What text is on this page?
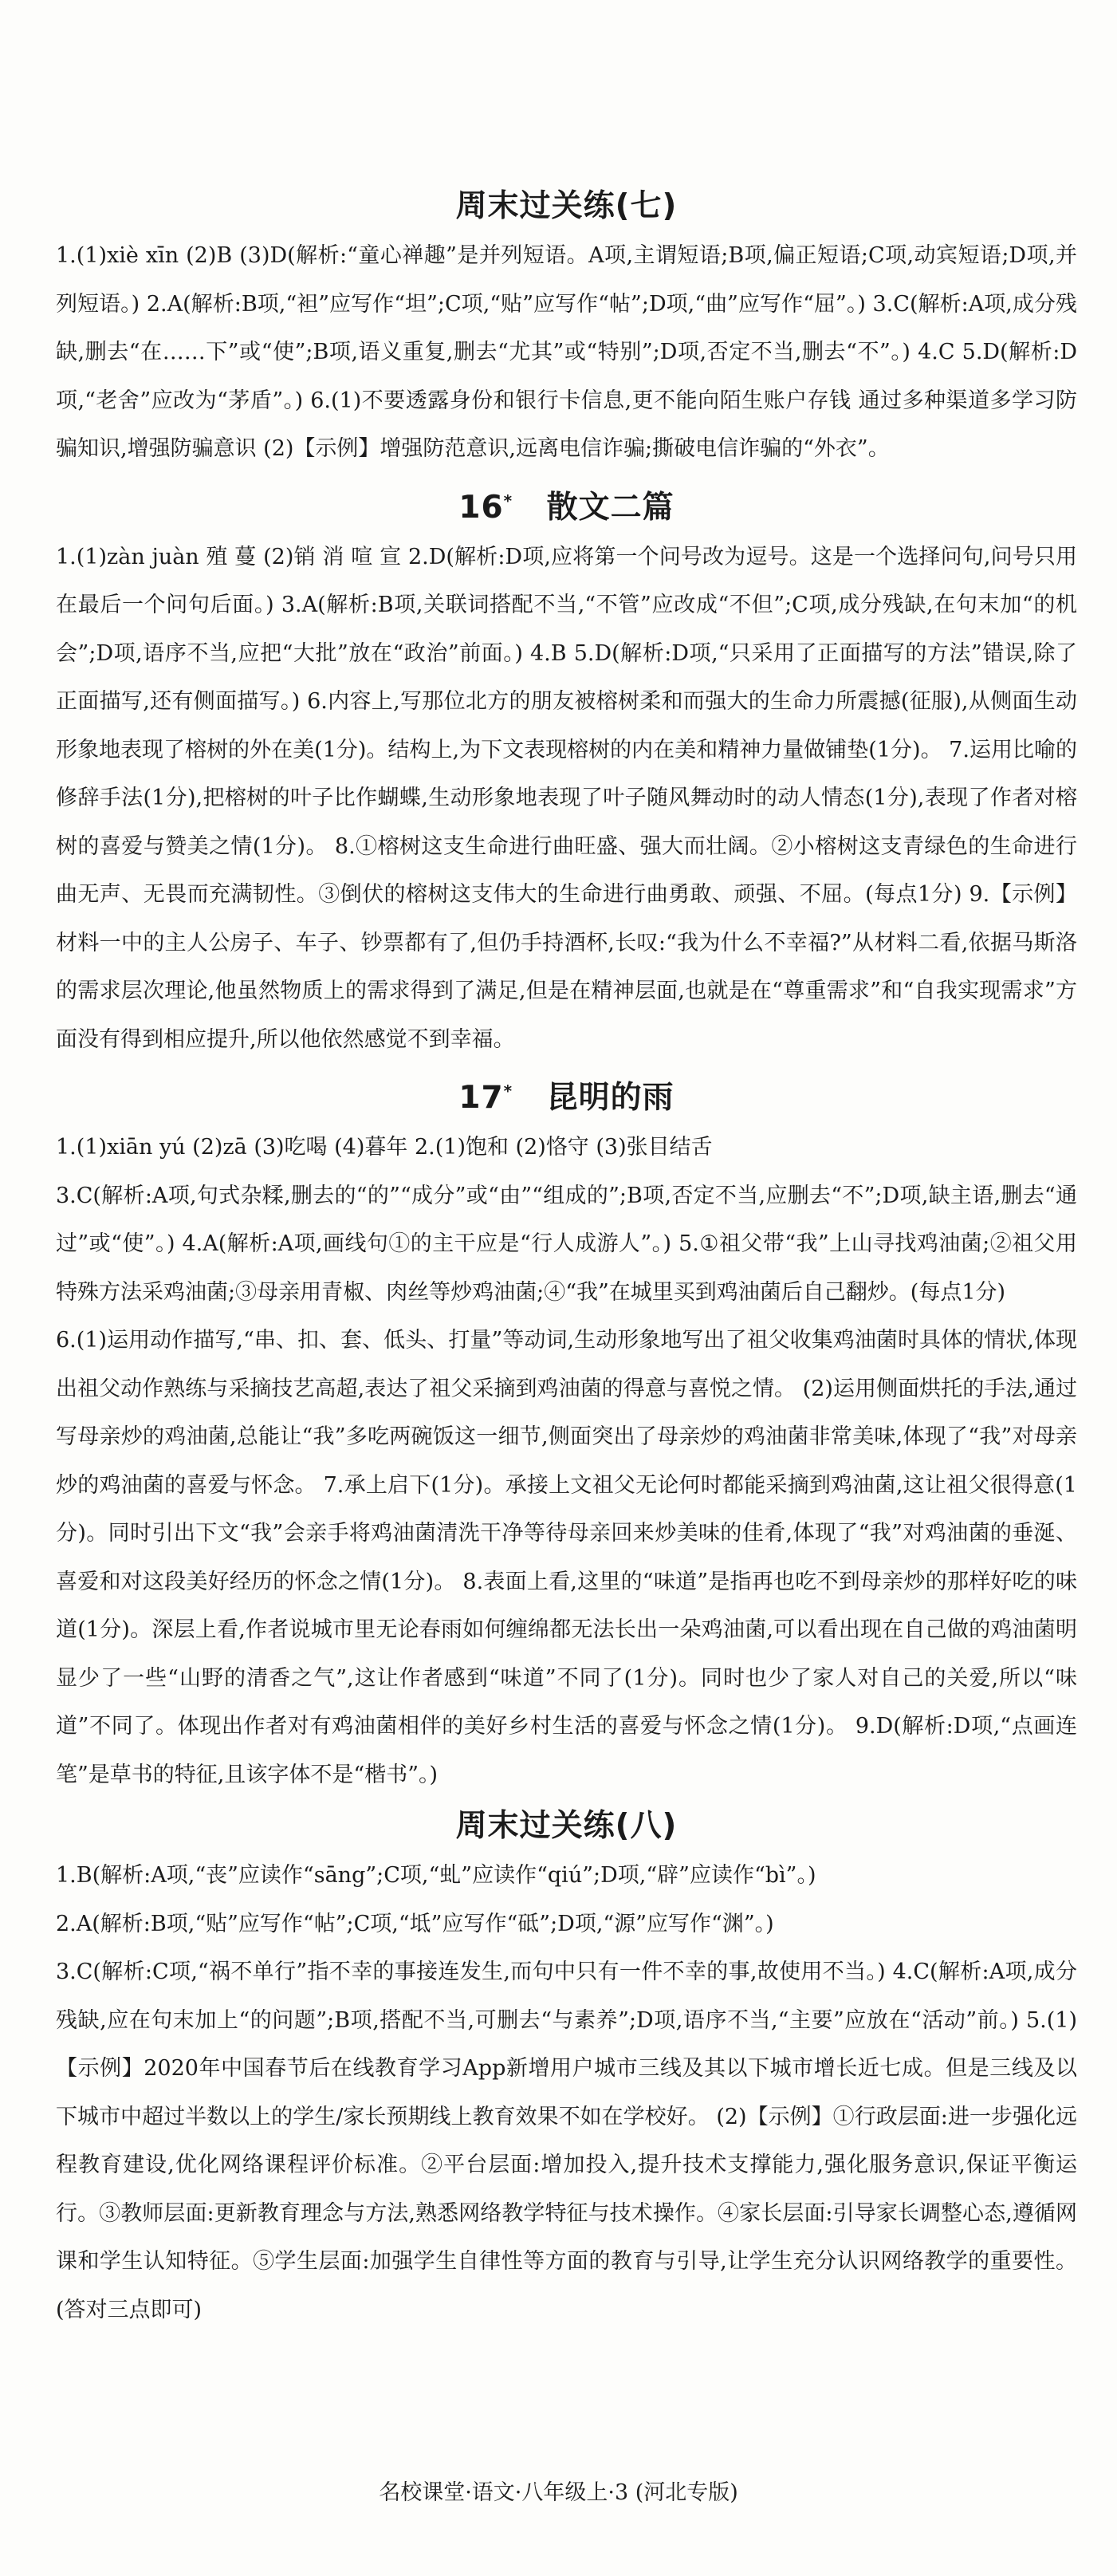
周末过关练(七)

1.(1)xiè xīn (2)B (3)D(解析:“童心禅趣”是并列短语。A项,主谓短语;B项,偏正短语;C项,动宾短语;D项,并列短语。) 2.A(解析:B项,“袒”应写作“坦”;C项,“贴”应写作“帖”;D项,“曲”应写作“屈”。) 3.C(解析:A项,成分残缺,删去“在……下”或“使”;B项,语义重复,删去“尤其”或“特别”;D项,否定不当,删去“不”。) 4.C 5.D(解析:D项,“老舍”应改为“茅盾”。) 6.(1)不要透露身份和银行卡信息,更不能向陌生账户存钱 通过多种渠道多学习防骗知识,增强防骗意识 (2)【示例】增强防范意识,远离电信诈骗;撕破电信诈骗的“外衣”。

16* 散文二篇

1.(1)zàn juàn 殖 蔓 (2)销 消 喧 宣 2.D(解析:D项,应将第一个问号改为逗号。这是一个选择问句,问号只用在最后一个问句后面。) 3.A(解析:B项,关联词搭配不当,“不管”应改成“不但”;C项,成分残缺,在句末加“的机会”;D项,语序不当,应把“大批”放在“政治”前面。) 4.B 5.D(解析:D项,“只采用了正面描写的方法”错误,除了正面描写,还有侧面描写。) 6.内容上,写那位北方的朋友被榕树柔和而强大的生命力所震撼(征服),从侧面生动形象地表现了榕树的外在美(1分)。结构上,为下文表现榕树的内在美和精神力量做铺垫(1分)。 7.运用比喻的修辞手法(1分),把榕树的叶子比作蝴蝶,生动形象地表现了叶子随风舞动时的动人情态(1分),表现了作者对榕树的喜爱与赞美之情(1分)。 8.①榕树这支生命进行曲旺盛、强大而壮阔。②小榕树这支青绿色的生命进行曲无声、无畏而充满韧性。③倒伏的榕树这支伟大的生命进行曲勇敢、顽强、不屈。(每点1分) 9.【示例】材料一中的主人公房子、车子、钞票都有了,但仍手持酒杯,长叹:“我为什么不幸福?”从材料二看,依据马斯洛的需求层次理论,他虽然物质上的需求得到了满足,但是在精神层面,也就是在“尊重需求”和“自我实现需求”方面没有得到相应提升,所以他依然感觉不到幸福。

17* 昆明的雨

1.(1)xiān yú (2)zā (3)吃喝 (4)暮年 2.(1)饱和 (2)恪守 (3)张目结舌

3.C(解析:A项,句式杂糅,删去的“的”“成分”或“由”“组成的”;B项,否定不当,应删去“不”;D项,缺主语,删去“通过”或“使”。) 4.A(解析:A项,画线句①的主干应是“行人成游人”。) 5.①祖父带“我”上山寻找鸡油菌;②祖父用特殊方法采鸡油菌;③母亲用青椒、肉丝等炒鸡油菌;④“我”在城里买到鸡油菌后自己翻炒。(每点1分)

6.(1)运用动作描写,“串、扣、套、低头、打量”等动词,生动形象地写出了祖父收集鸡油菌时具体的情状,体现出祖父动作熟练与采摘技艺高超,表达了祖父采摘到鸡油菌的得意与喜悦之情。 (2)运用侧面烘托的手法,通过写母亲炒的鸡油菌,总能让“我”多吃两碗饭这一细节,侧面突出了母亲炒的鸡油菌非常美味,体现了“我”对母亲炒的鸡油菌的喜爱与怀念。 7.承上启下(1分)。承接上文祖父无论何时都能采摘到鸡油菌,这让祖父很得意(1分)。同时引出下文“我”会亲手将鸡油菌清洗干净等待母亲回来炒美味的佳肴,体现了“我”对鸡油菌的垂涎、喜爱和对这段美好经历的怀念之情(1分)。 8.表面上看,这里的“味道”是指再也吃不到母亲炒的那样好吃的味道(1分)。深层上看,作者说城市里无论春雨如何缠绵都无法长出一朵鸡油菌,可以看出现在自己做的鸡油菌明显少了一些“山野的清香之气”,这让作者感到“味道”不同了(1分)。同时也少了家人对自己的关爱,所以“味道”不同了。体现出作者对有鸡油菌相伴的美好乡村生活的喜爱与怀念之情(1分)。 9.D(解析:D项,“点画连笔”是草书的特征,且该字体不是“楷书”。)

周末过关练(八)

1.B(解析:A项,“丧”应读作“sāng”;C项,“虬”应读作“qiú”;D项,“辟”应读作“bì”。)

2.A(解析:B项,“贴”应写作“帖”;C项,“坻”应写作“砥”;D项,“源”应写作“渊”。)

3.C(解析:C项,“祸不单行”指不幸的事接连发生,而句中只有一件不幸的事,故使用不当。) 4.C(解析:A项,成分残缺,应在句末加上“的问题”;B项,搭配不当,可删去“与素养”;D项,语序不当,“主要”应放在“活动”前。) 5.(1)【示例】2020年中国春节后在线教育学习App新增用户城市三线及其以下城市增长近七成。但是三线及以下城市中超过半数以上的学生/家长预期线上教育效果不如在学校好。 (2)【示例】①行政层面:进一步强化远程教育建设,优化网络课程评价标准。②平台层面:增加投入,提升技术支撑能力,强化服务意识,保证平衡运行。③教师层面:更新教育理念与方法,熟悉网络教学特征与技术操作。④家长层面:引导家长调整心态,遵循网课和学生认知特征。⑤学生层面:加强学生自律性等方面的教育与引导,让学生充分认识网络教学的重要性。(答对三点即可)

名校课堂·语文·八年级上·3 (河北专版)
